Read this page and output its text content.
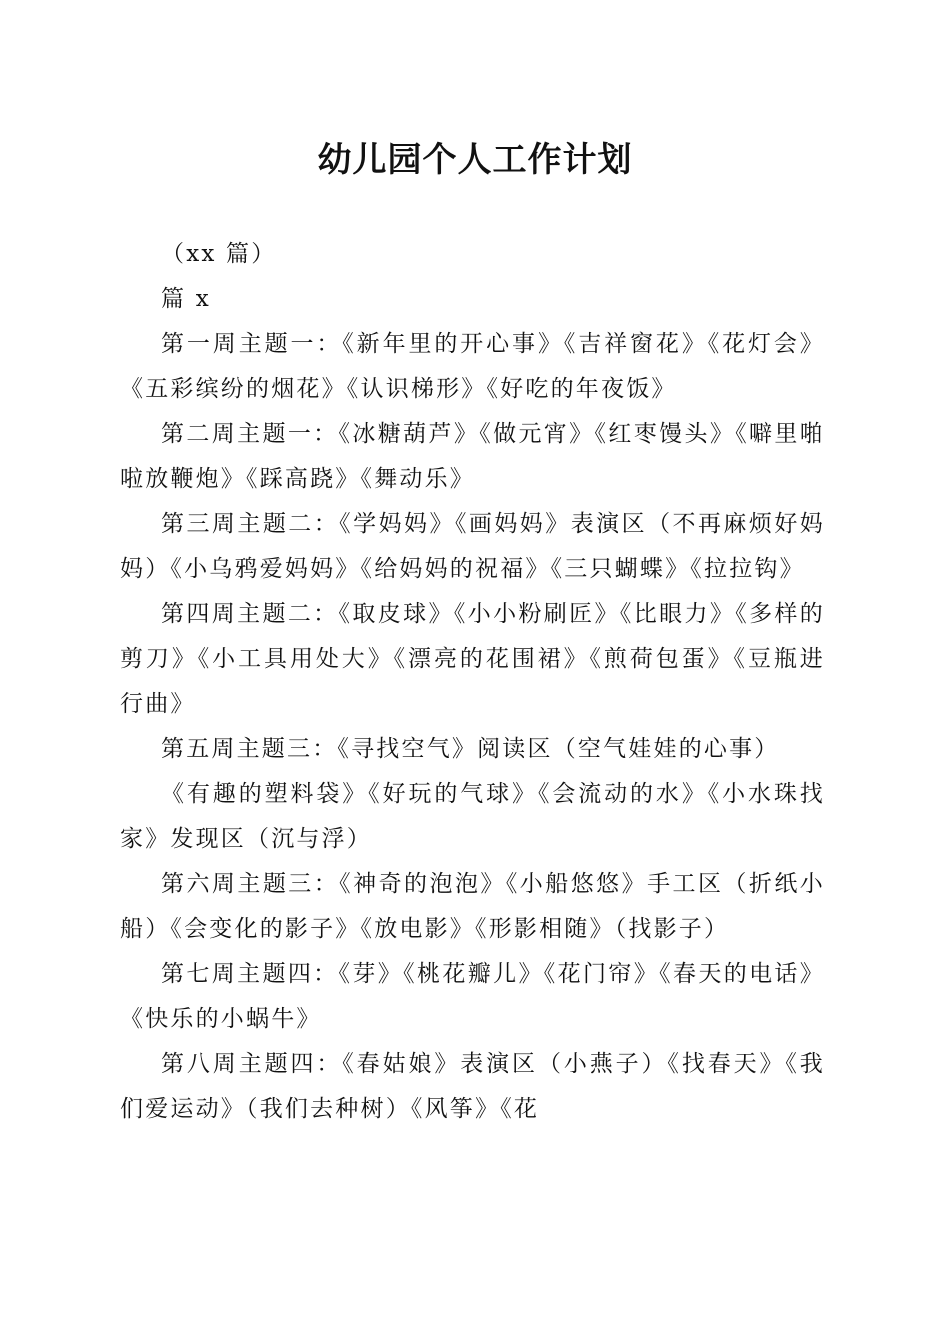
幼儿园个人工作计划

（xx 篇）

篇 x

第一周主题一：《新年里的开心事》《吉祥窗花》《花灯会》《五彩缤纷的烟花》《认识梯形》《好吃的年夜饭》

第二周主题一：《冰糖葫芦》《做元宵》《红枣馒头》《噼里啪啦放鞭炮》《踩高跷》《舞动乐》

第三周主题二：《学妈妈》《画妈妈》表演区（不再麻烦好妈妈）《小乌鸦爱妈妈》《给妈妈的祝福》《三只蝴蝶》《拉拉钩》

第四周主题二：《取皮球》《小小粉刷匠》《比眼力》《多样的剪刀》《小工具用处大》《漂亮的花围裙》《煎荷包蛋》《豆瓶进行曲》

第五周主题三：《寻找空气》阅读区（空气娃娃的心事）

《有趣的塑料袋》《好玩的气球》《会流动的水》《小水珠找家》发现区（沉与浮）

第六周主题三：《神奇的泡泡》《小船悠悠》手工区（折纸小船）《会变化的影子》《放电影》《形影相随》（找影子）

第七周主题四：《芽》《桃花瓣儿》《花门帘》《春天的电话》《快乐的小蜗牛》

第八周主题四：《春姑娘》表演区（小燕子）《找春天》《我们爱运动》（我们去种树）《风筝》《花
